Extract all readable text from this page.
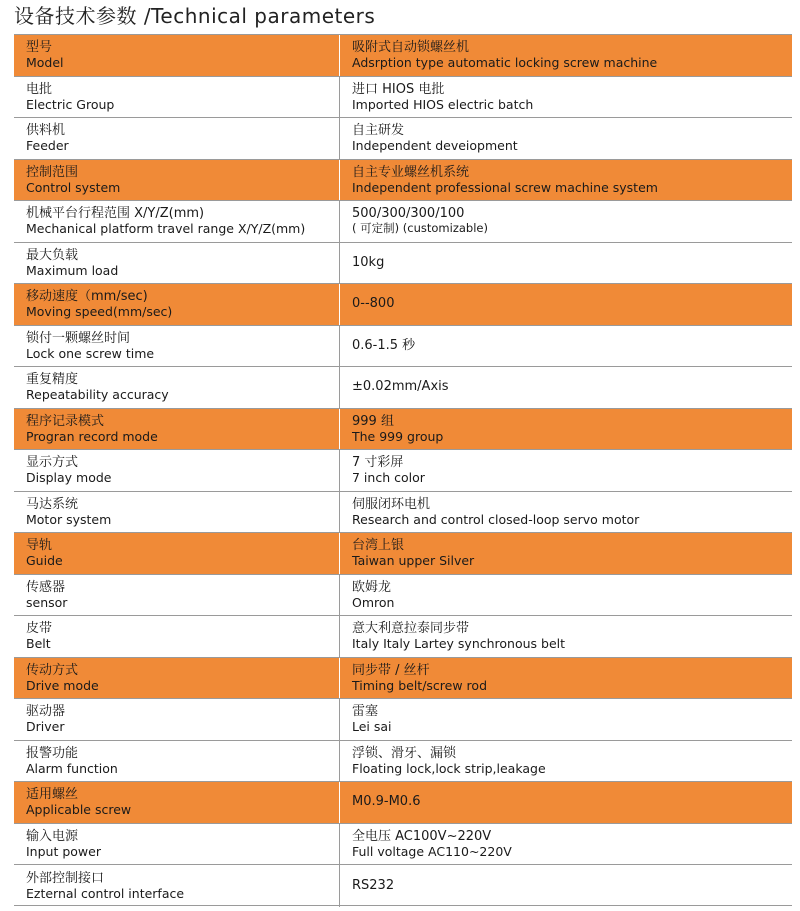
设备技术参数 /Technical parameters
型号
Model
吸附式自动锁螺丝机
Adsrption type automatic locking screw machine
电批
Electric Group
进口 HIOS 电批
Imported HIOS electric batch
供料机
Feeder
自主研发
Independent deveiopment
控制范围
Control system
自主专业螺丝机系统
Independent professional screw machine system
机械平台行程范围 X/Y/Z(mm)
Mechanical platform travel range X/Y/Z(mm)
500/300/300/100
( 可定制) (customizable)
最大负载
Maximum load
10kg
移动速度（mm/sec)
Moving speed(mm/sec)
0--800
锁付一颗螺丝时间
Lock one screw time
0.6-1.5 秒
重复精度
Repeatability accuracy
±0.02mm/Axis
程序记录模式
Progran record mode
999 组
The 999 group
显示方式
Display mode
7 寸彩屏
7 inch color
马达系统
Motor system
伺服闭环电机
Research and control closed-loop servo motor
导轨
Guide
台湾上银
Taiwan upper Silver
传感器
sensor
欧姆龙
Omron
皮带
Belt
意大利意拉泰同步带
Italy Italy Lartey synchronous belt
传动方式
Drive mode
同步带 / 丝杆
Timing belt/screw rod
驱动器
Driver
雷塞
Lei sai
报警功能
Alarm function
浮锁、滑牙、漏锁
Floating lock,lock strip,leakage
适用螺丝
Applicable screw
M0.9-M0.6
输入电源
Input power
全电压 AC100V~220V
Full voltage AC110~220V
外部控制接口
Ezternal control interface
RS232
